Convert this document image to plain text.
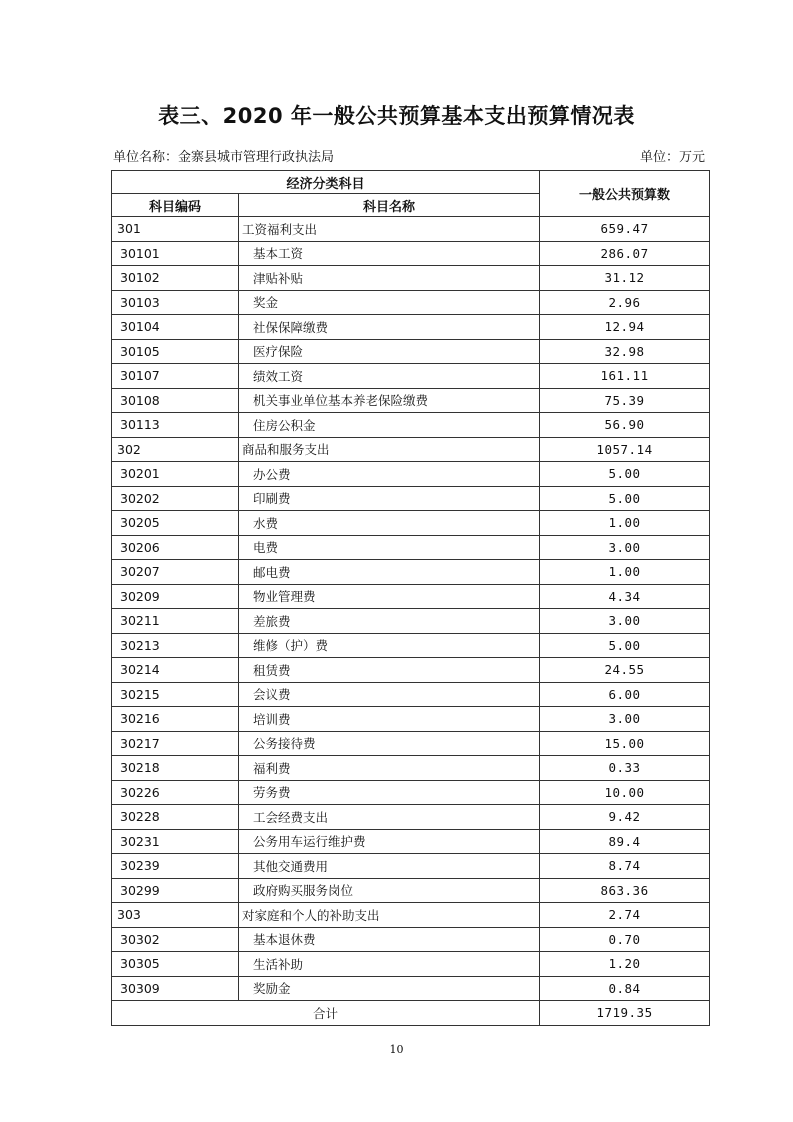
表三、2020 年一般公共预算基本支出预算情况表
单位名称：金寨县城市管理行政执法局	单位：万元
经济分类科目		一般公共预算数
科目编码	科目名称	
301	工资福利支出	659.47
30101	基本工资	286.07
30102	津贴补贴	31.12
30103	奖金	2.96
30104	社保保障缴费	12.94
30105	医疗保险	32.98
30107	绩效工资	161.11
30108	机关事业单位基本养老保险缴费	75.39
30113	住房公积金	56.90
302	商品和服务支出	1057.14
30201	办公费	5.00
30202	印刷费	5.00
30205	水费	1.00
30206	电费	3.00
30207	邮电费	1.00
30209	物业管理费	4.34
30211	差旅费	3.00
30213	维修（护）费	5.00
30214	租赁费	24.55
30215	会议费	6.00
30216	培训费	3.00
30217	公务接待费	15.00
30218	福利费	0.33
30226	劳务费	10.00
30228	工会经费支出	9.42
30231	公务用车运行维护费	89.4
30239	其他交通费用	8.74
30299	政府购买服务岗位	863.36
303	对家庭和个人的补助支出	2.74
30302	基本退休费	0.70
30305	生活补助	1.20
30309	奖励金	0.84
合计		1719.35
10
